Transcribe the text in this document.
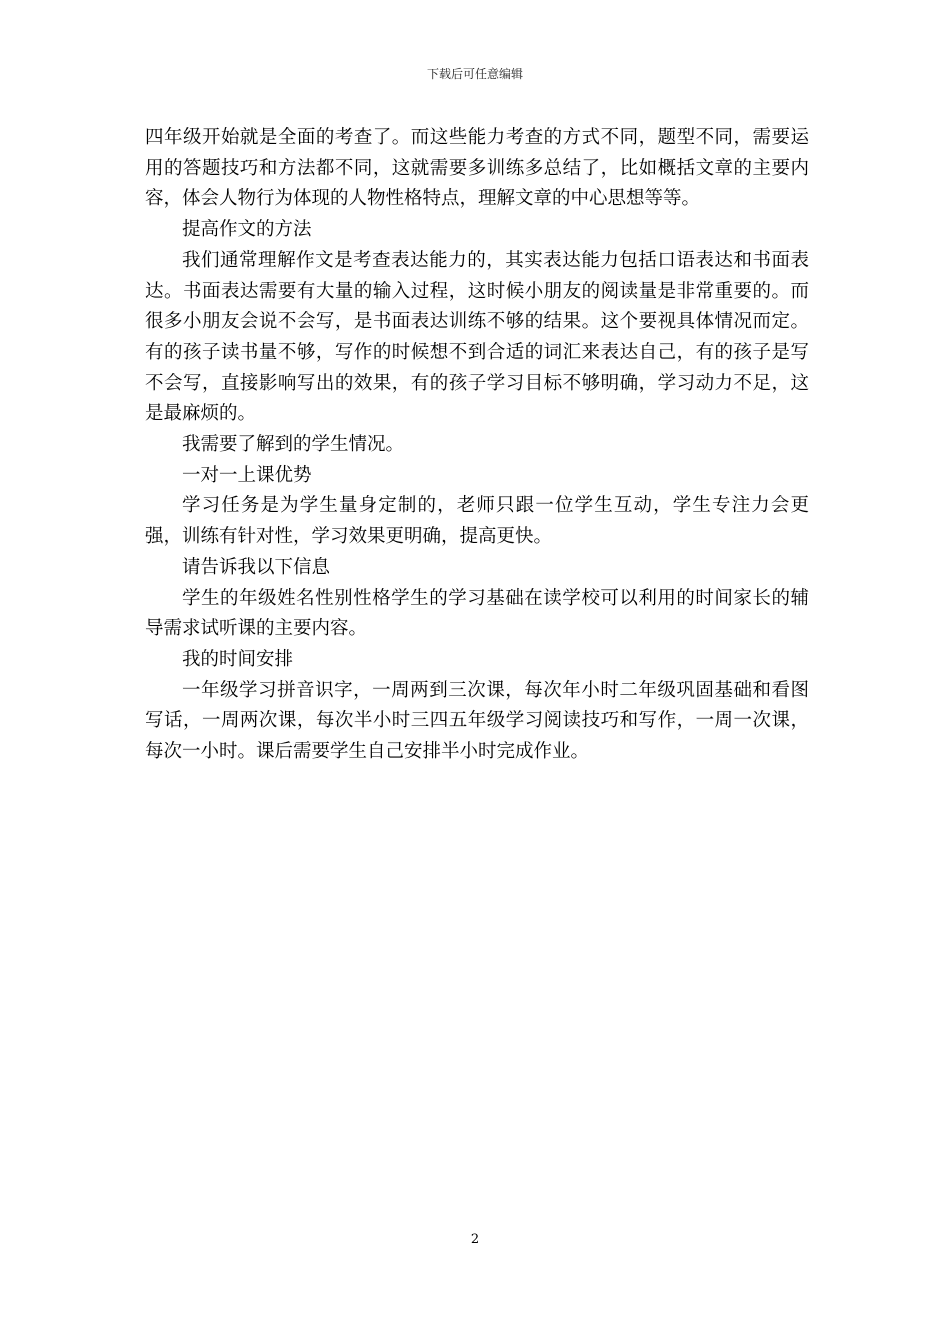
下载后可任意编辑

四年级开始就是全面的考查了。而这些能力考查的方式不同，题型不同，需要运用的答题技巧和方法都不同，这就需要多训练多总结了，比如概括文章的主要内容，体会人物行为体现的人物性格特点，理解文章的中心思想等等。

提高作文的方法

我们通常理解作文是考查表达能力的，其实表达能力包括口语表达和书面表达。书面表达需要有大量的输入过程，这时候小朋友的阅读量是非常重要的。而很多小朋友会说不会写，是书面表达训练不够的结果。这个要视具体情况而定。有的孩子读书量不够，写作的时候想不到合适的词汇来表达自己，有的孩子是写不会写，直接影响写出的效果，有的孩子学习目标不够明确，学习动力不足，这是最麻烦的。

我需要了解到的学生情况。

一对一上课优势

学习任务是为学生量身定制的，老师只跟一位学生互动，学生专注力会更强，训练有针对性，学习效果更明确，提高更快。

请告诉我以下信息

学生的年级姓名性别性格学生的学习基础在读学校可以利用的时间家长的辅导需求试听课的主要内容。

我的时间安排

一年级学习拼音识字，一周两到三次课，每次年小时二年级巩固基础和看图写话，一周两次课，每次半小时三四五年级学习阅读技巧和写作，一周一次课，每次一小时。课后需要学生自己安排半小时完成作业。

2
